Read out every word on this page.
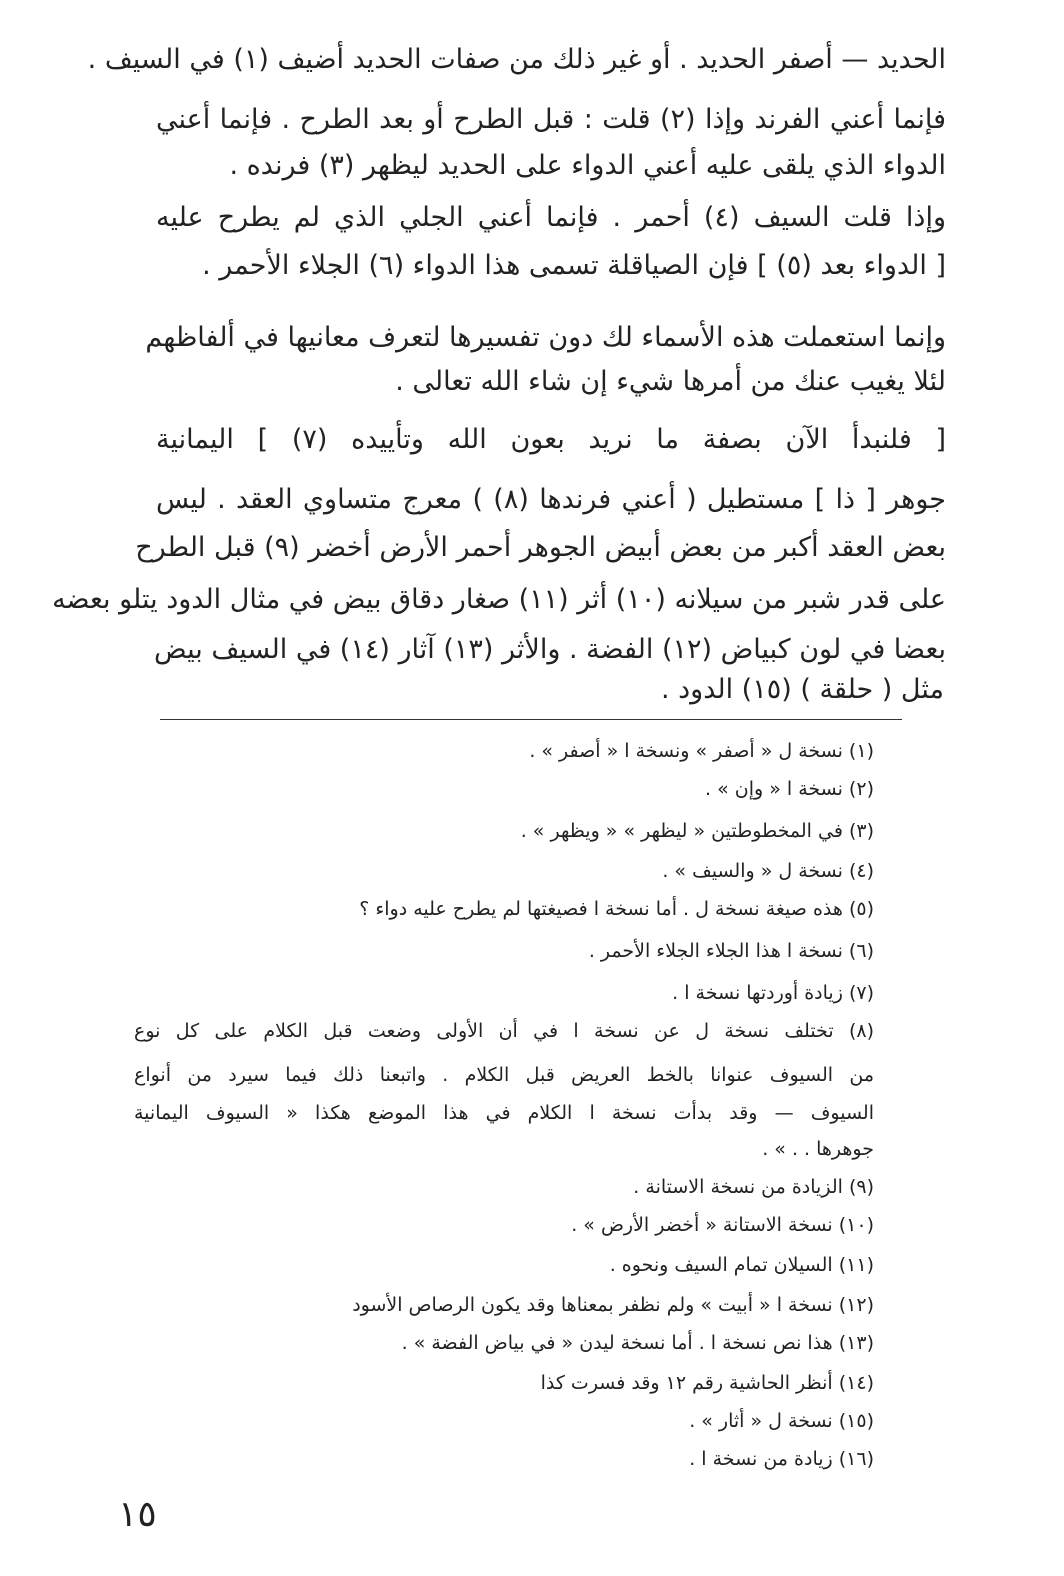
الحديد — أصفر الحديد . أو غير ذلك من صفات الحديد أضيف ‏(١) في السيف .
فإنما أعني الفرند وإذا ‏(٢) قلت : قبل الطرح أو بعد الطرح . فإنما أعني
الدواء الذي يلقى عليه أعني الدواء على الحديد ليظهر ‏(٣) فرنده .
وإذا قلت السيف ‏(٤) أحمر . فإنما أعني الجلي الذي لم يطرح عليه
[ الدواء بعد ‏(٥) ] فإن الصياقلة تسمى هذا الدواء ‏(٦) الجلاء الأحمر .
وإنما استعملت هذه الأسماء لك دون تفسيرها لتعرف معانيها في ألفاظهم
لئلا يغيب عنك من أمرها شيء إن شاء الله تعالى .
[ فلنبدأ الآن بصفة ما نريد بعون الله وتأييده ‏(٧) ] اليمانية
جوهر [ ذا ] مستطيل ( أعني فرندها ‏(٨) ) معرج متساوي العقد . ليس
بعض العقد أكبر من بعض أبيض الجوهر أحمر الأرض أخضر ‏(٩) قبل الطرح
على قدر شبر من سيلانه ‏(١٠) أثر ‏(١١) صغار دقاق بيض في مثال الدود يتلو بعضه
بعضا في لون كبياض ‏(١٢) الفضة . والأثر ‏(١٣) آثار ‏(١٤) في السيف بيض
مثل ( حلقة ) ‏(١٥) الدود .
(١) نسخة ل « أصفر » ونسخة ا « أصفر » .
(٢) نسخة ا « وإن » .
(٣) في المخطوطتين « ليظهر » « ويظهر » .
(٤) نسخة ل « والسيف » .
(٥) هذه صيغة نسخة ل . أما نسخة ا فصيغتها لم يطرح عليه دواء ؟
(٦) نسخة ا هذا الجلاء الجلاء الأحمر .
(٧) زيادة أوردتها نسخة ا .
(٨) تختلف نسخة ل عن نسخة ا في أن الأولى وضعت قبل الكلام على كل نوع
من السيوف عنوانا بالخط العريض قبل الكلام . واتبعنا ذلك فيما سيرد من أنواع
السيوف — وقد بدأت نسخة ا الكلام في هذا الموضع هكذا « السيوف اليمانية
جوهرها . . » .
(٩) الزيادة من نسخة الاستانة .
(١٠) نسخة الاستانة « أخضر الأرض » .
(١١) السيلان تمام السيف ونحوه .
(١٢) نسخة ا « أبيت » ولم نظفر بمعناها وقد يكون الرصاص الأسود
(١٣) هذا نص نسخة ا . أما نسخة ليدن « في بياض الفضة » .
(١٤) أنظر الحاشية رقم ١٢ وقد فسرت كذا
(١٥) نسخة ل « أثار » .
(١٦) زيادة من نسخة ا .
١٥
